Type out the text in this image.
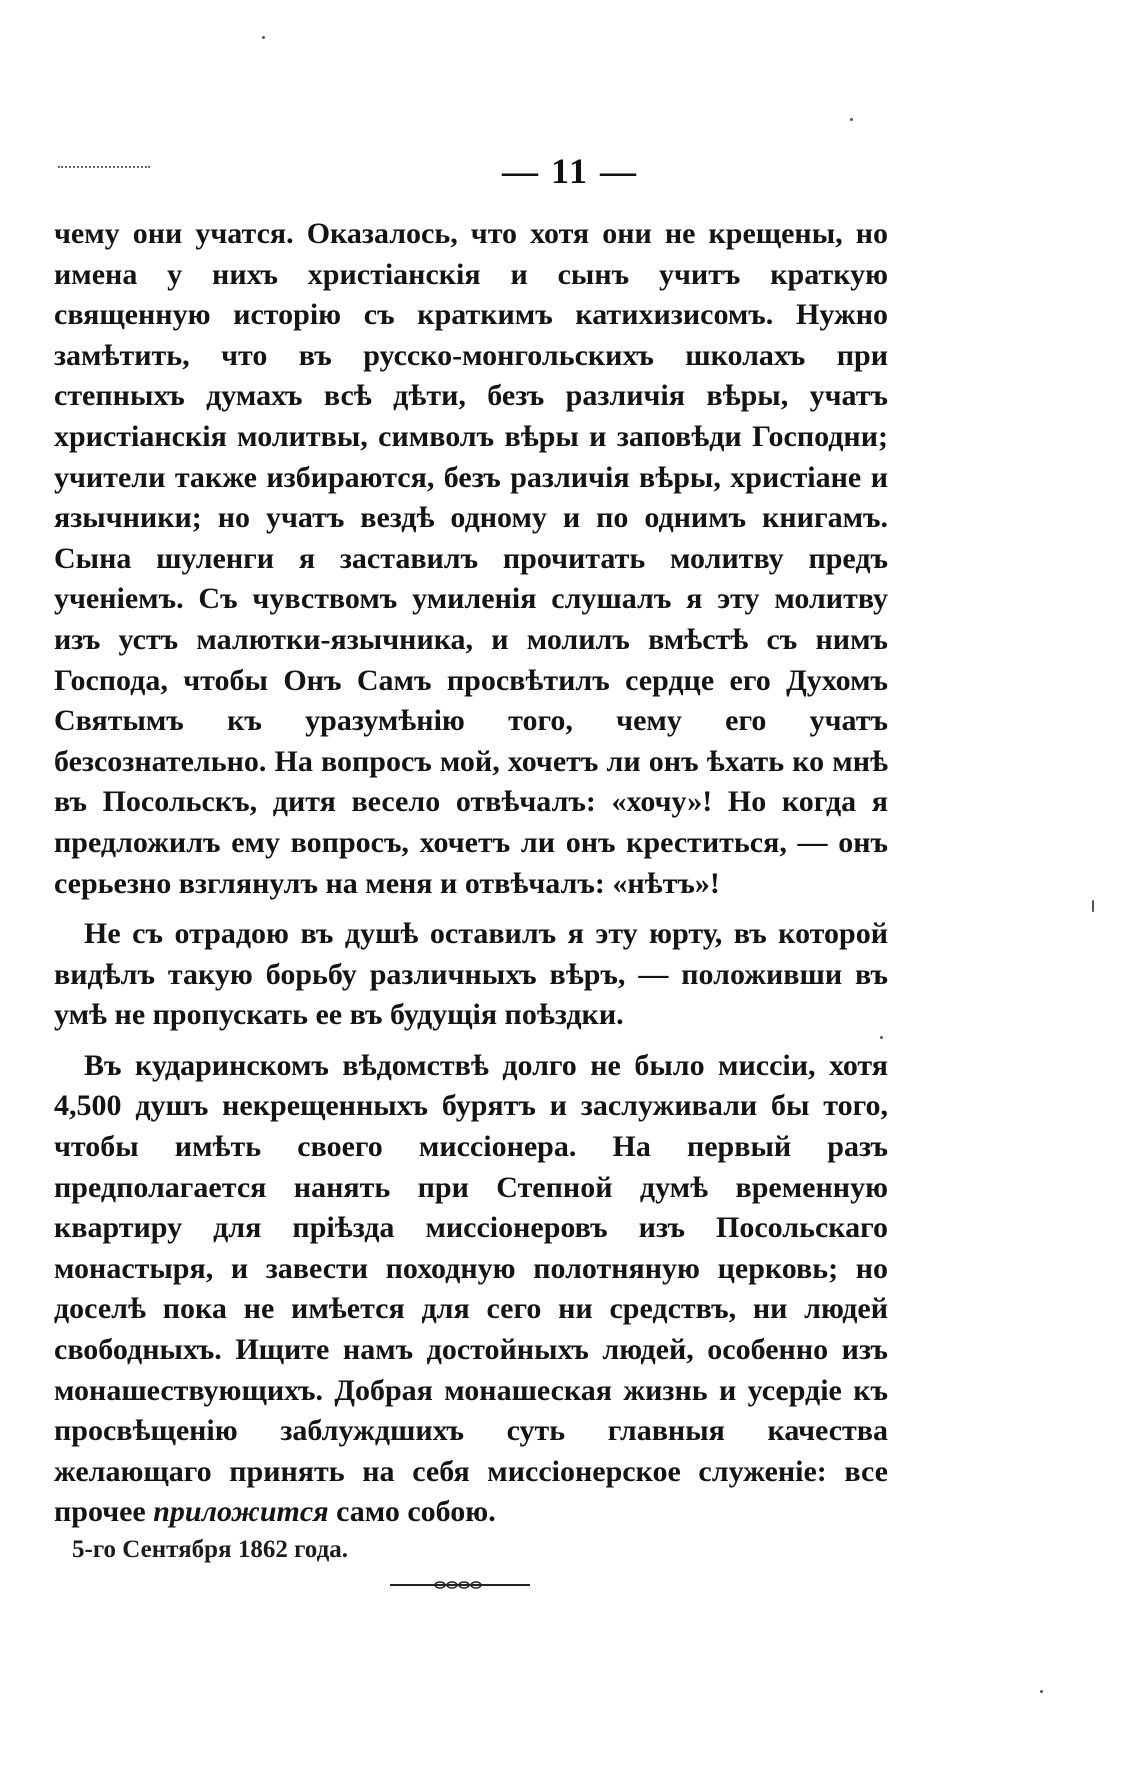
— 11 —

чему они учатся. Оказалось, что хотя они не крещены, но имена у нихъ христіанскія и сынъ учитъ краткую священную исторію съ краткимъ катихизисомъ. Нужно замѣтить, что въ русско-монгольскихъ школахъ при степныхъ думахъ всѣ дѣти, безъ различія вѣры, учатъ христіанскія молитвы, символъ вѣры и заповѣди Господни; учители также избираются, безъ различія вѣры, христіане и язычники; но учатъ вездѣ одному и по однимъ книгамъ. Сына шуленги я заставилъ прочитать молитву предъ ученіемъ. Съ чувствомъ умиленія слушалъ я эту молитву изъ устъ малютки-язычника, и молилъ вмѣстѣ съ нимъ Господа, чтобы Онъ Самъ просвѣтилъ сердце его Духомъ Святымъ къ уразумѣнію того, чему его учатъ безсознательно. На вопросъ мой, хочетъ ли онъ ѣхать ко мнѣ въ Посольскъ, дитя весело отвѣчалъ: «хочу»! Но когда я предложилъ ему вопросъ, хочетъ ли онъ креститься, — онъ серьезно взглянулъ на меня и отвѣчалъ: «нѣтъ»!

Не съ отрадою въ душѣ оставилъ я эту юрту, въ которой видѣлъ такую борьбу различныхъ вѣръ, — положивши въ умѣ не пропускать ее въ будущія поѣздки.

Въ кударинскомъ вѣдомствѣ долго не было миссіи, хотя 4,500 душъ некрещенныхъ бурятъ и заслуживали бы того, чтобы имѣть своего миссіонера. На первый разъ предполагается нанять при Степной думѣ временную квартиру для пріѣзда миссіонеровъ изъ Посольскаго монастыря, и завести походную полотняную церковь; но доселѣ пока не имѣется для сего ни средствъ, ни людей свободныхъ. Ищите намъ достойныхъ людей, особенно изъ монашествующихъ. Добрая монашеская жизнь и усердіе къ просвѣщенію заблуждшихъ суть главныя качества желающаго принять на себя миссіонерское служеніе: все прочее приложится само собою.

5-го Сентября 1862 года.
